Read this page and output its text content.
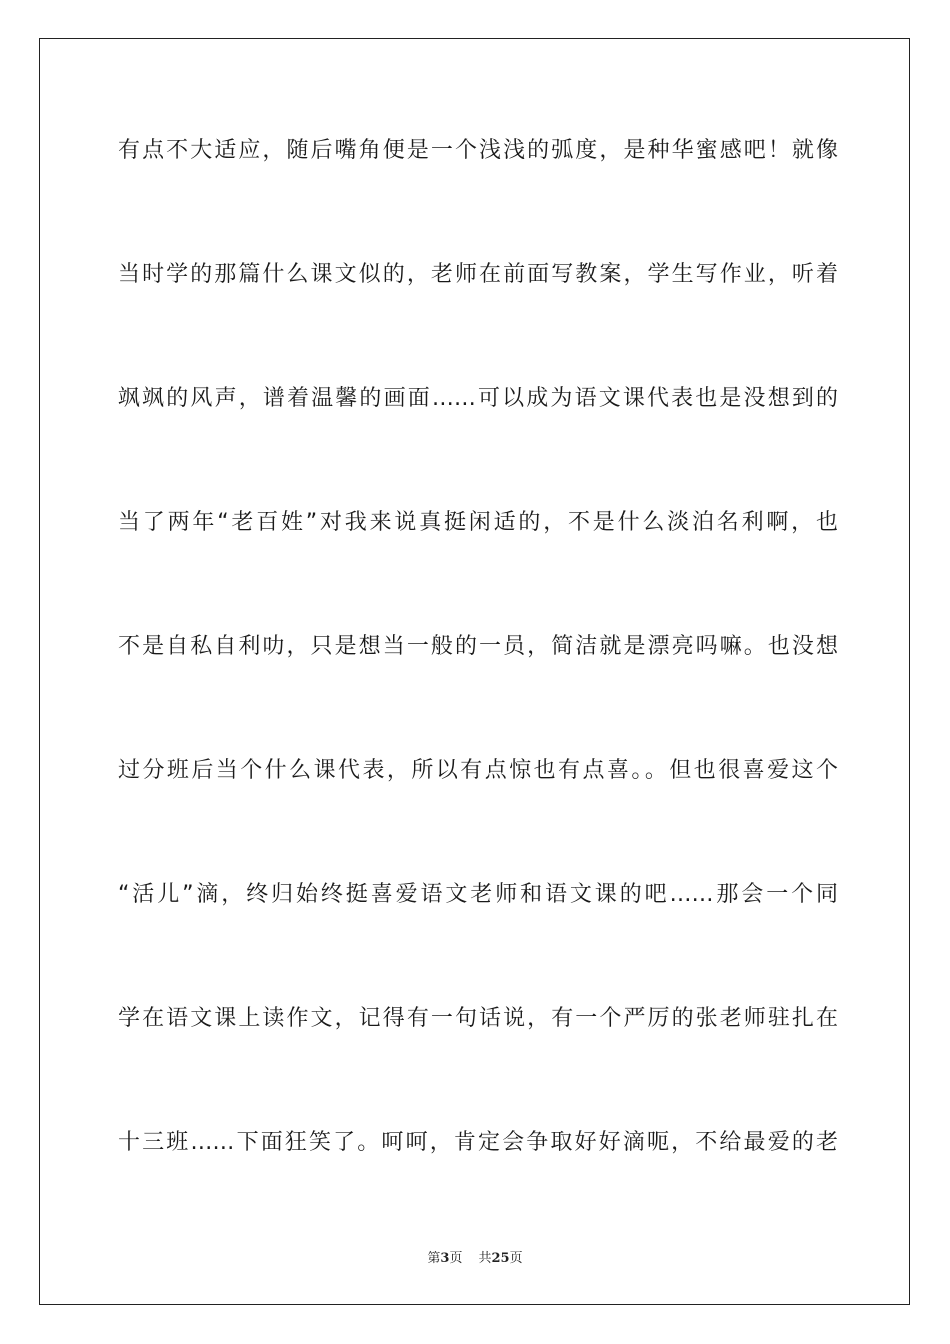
有点不大适应，随后嘴角便是一个浅浅的弧度，是种华蜜感吧！就像
当时学的那篇什么课文似的，老师在前面写教案，学生写作业，听着
飒飒的风声，谱着温馨的画面……可以成为语文课代表也是没想到的
当了两年“老百姓”对我来说真挺闲适的，不是什么淡泊名利啊，也
不是自私自利叻，只是想当一般的一员，简洁就是漂亮吗嘛。也没想
过分班后当个什么课代表，所以有点惊也有点喜。。但也很喜爱这个
“活儿”滴，终归始终挺喜爱语文老师和语文课的吧……那会一个同
学在语文课上读作文，记得有一句话说，有一个严厉的张老师驻扎在
十三班……下面狂笑了。呵呵，肯定会争取好好滴呃，不给最爱的老
第3页 共25页
